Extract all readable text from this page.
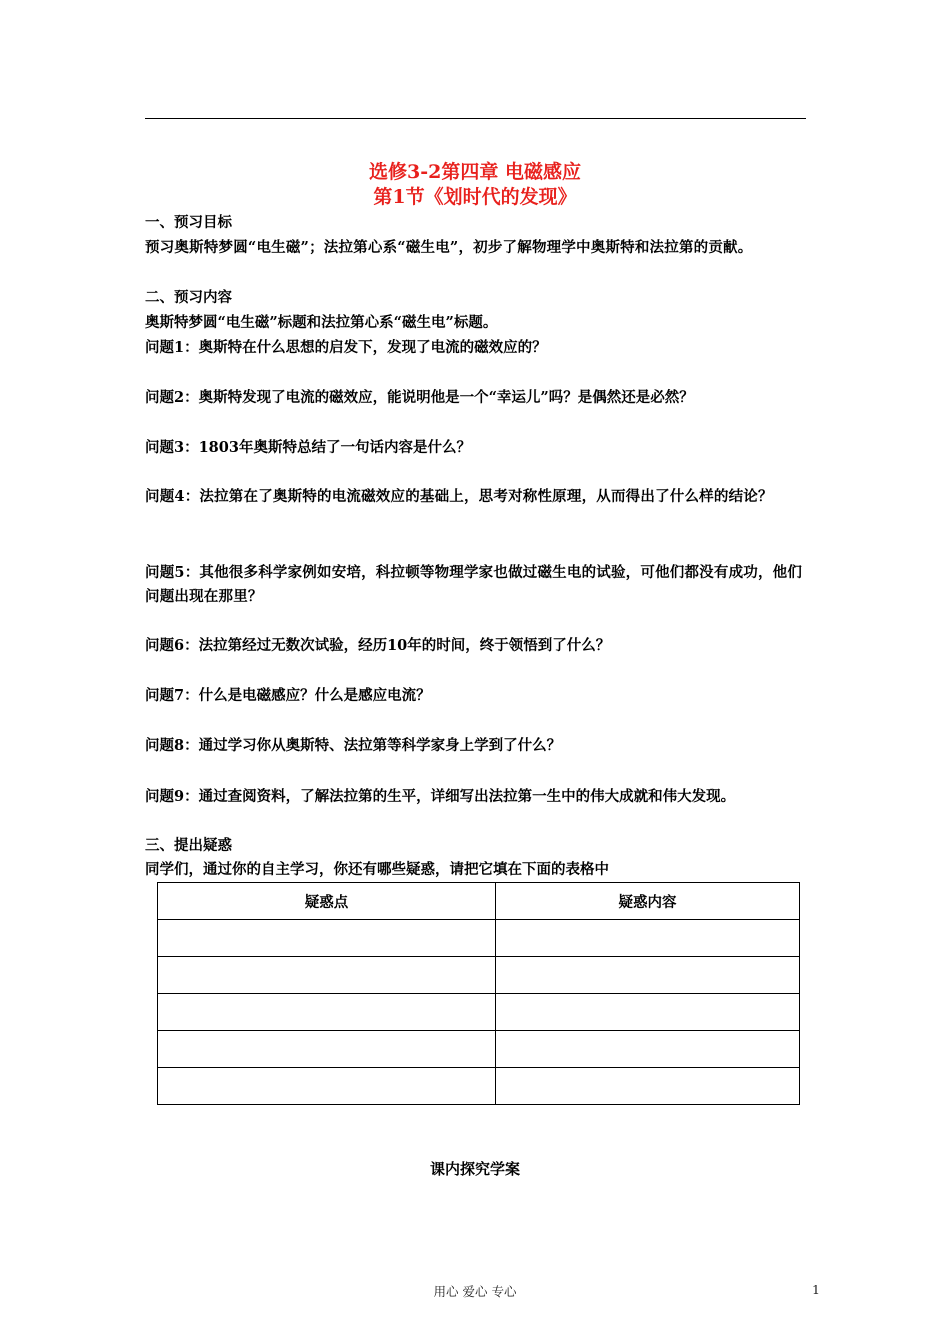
选修3-2第四章 电磁感应
第1节《划时代的发现》
一、预习目标
预习奥斯特梦圆“电生磁”；法拉第心系“磁生电”，初步了解物理学中奥斯特和法拉第的贡献。
二、预习内容
奥斯特梦圆“电生磁”标题和法拉第心系“磁生电”标题。
问题1：奥斯特在什么思想的启发下，发现了电流的磁效应的？
问题2：奥斯特发现了电流的磁效应，能说明他是一个“幸运儿”吗？是偶然还是必然？
问题3：1803年奥斯特总结了一句话内容是什么？
问题4：法拉第在了奥斯特的电流磁效应的基础上，思考对称性原理，从而得出了什么样的结论？
问题5：其他很多科学家例如安培，科拉顿等物理学家也做过磁生电的试验，可他们都没有成功，他们问题出现在那里？
问题6：法拉第经过无数次试验，经历10年的时间，终于领悟到了什么？
问题7：什么是电磁感应？什么是感应电流？
问题8：通过学习你从奥斯特、法拉第等科学家身上学到了什么？
问题9：通过查阅资料，了解法拉第的生平，详细写出法拉第一生中的伟大成就和伟大发现。
三、提出疑惑
同学们，通过你的自主学习，你还有哪些疑惑，请把它填在下面的表格中
疑惑点	疑惑内容

课内探究学案
用心 爱心 专心	1
